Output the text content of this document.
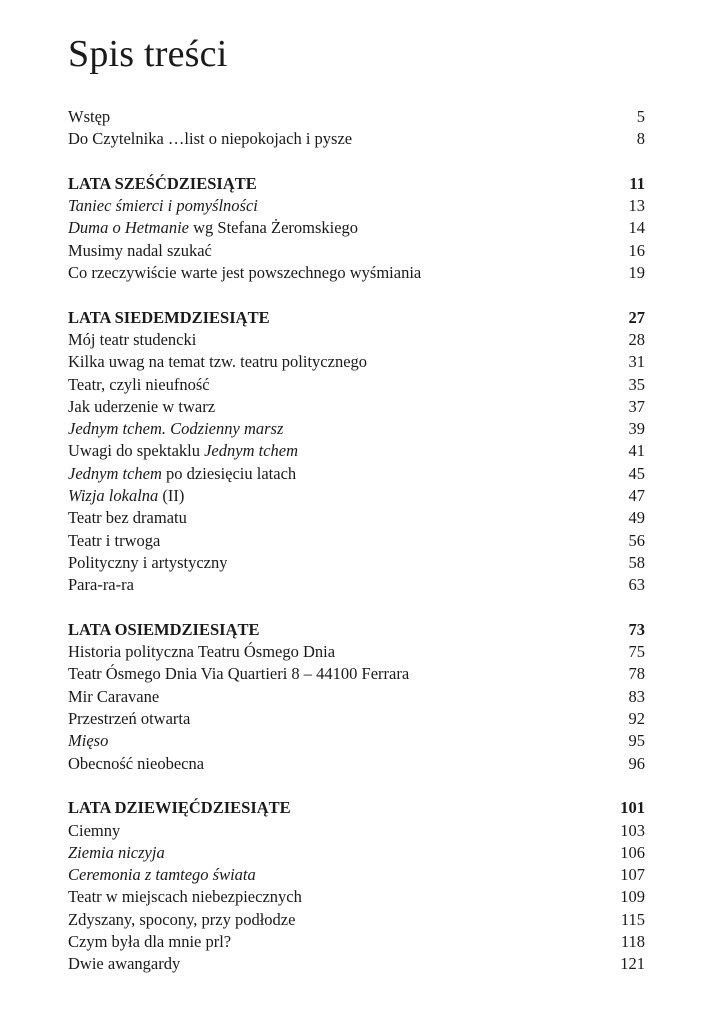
Spis treści
Wstęp	5
Do Czytelnika …list o niepokojach i pysze	8
LATA SZEŚĆDZIESIĄTE	11
Taniec śmierci i pomyślności	13
Duma o Hetmanie wg Stefana Żeromskiego	14
Musimy nadal szukać	16
Co rzeczywiście warte jest powszechnego wyśmiania	19
LATA SIEDEMDZIESIĄTE	27
Mój teatr studencki	28
Kilka uwag na temat tzw. teatru politycznego	31
Teatr, czyli nieufność	35
Jak uderzenie w twarz	37
Jednym tchem. Codzienny marsz	39
Uwagi do spektaklu Jednym tchem	41
Jednym tchem po dziesięciu latach	45
Wizja lokalna (II)	47
Teatr bez dramatu	49
Teatr i trwoga	56
Polityczny i artystyczny	58
Para-ra-ra	63
LATA OSIEMDZIESIĄTE	73
Historia polityczna Teatru Ósmego Dnia	75
Teatr Ósmego Dnia Via Quartieri 8 – 44100 Ferrara	78
Mir Caravane	83
Przestrzeń otwarta	92
Mięso	95
Obecność nieobecna	96
LATA DZIEWIĘĆDZIESIĄTE	101
Ciemny	103
Ziemia niczyja	106
Ceremonia z tamtego świata	107
Teatr w miejscach niebezpiecznych	109
Zdyszany, spocony, przy podłodze	115
Czym była dla mnie prl?	118
Dwie awangardy	121
